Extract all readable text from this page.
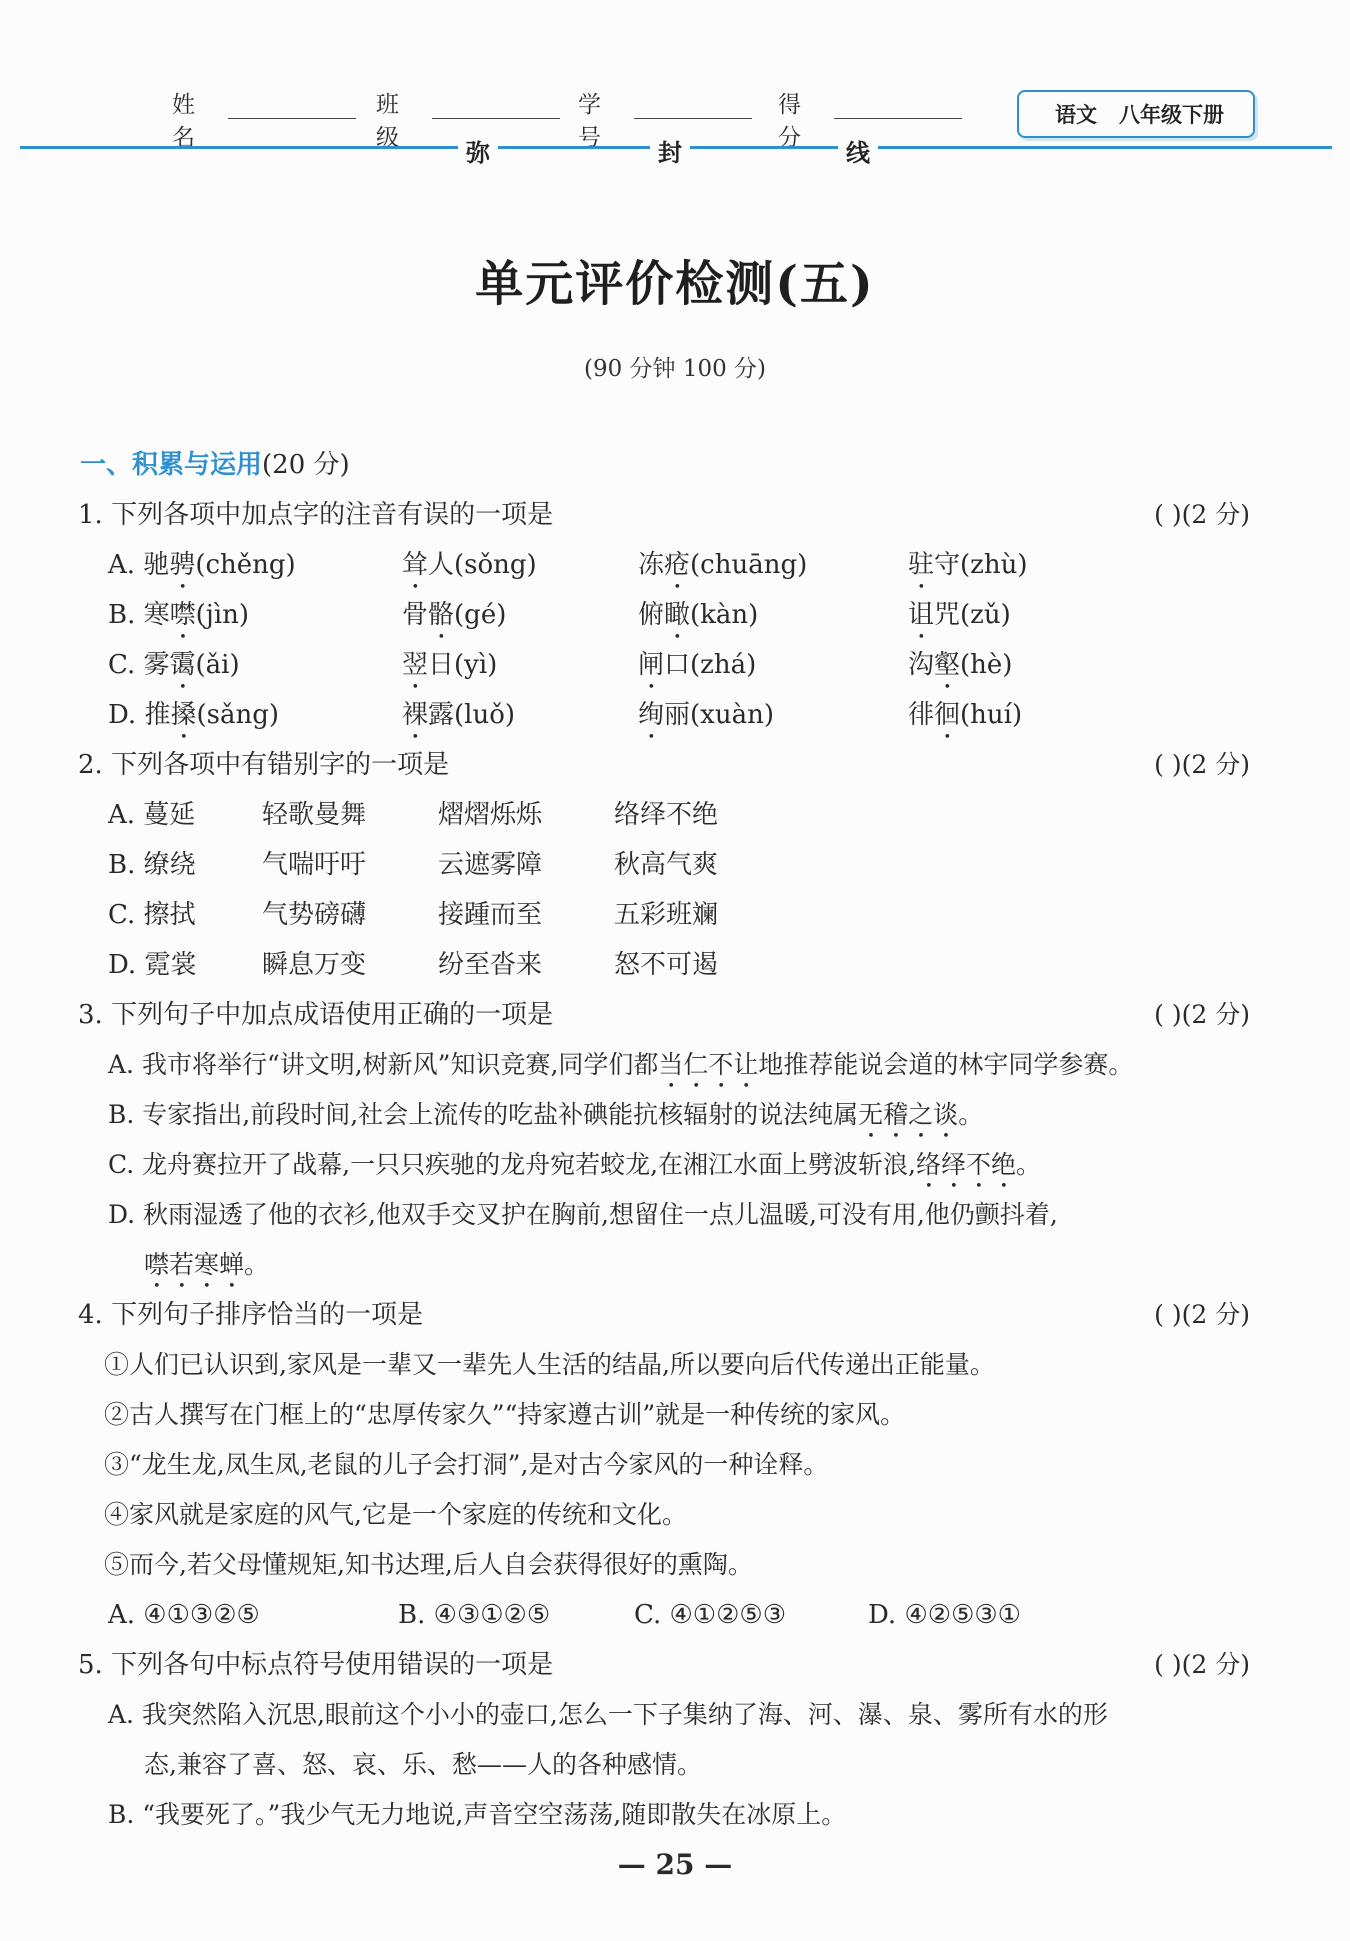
姓名
班级
学号
得分
语文 八年级下册
弥	封	线
单元评价检测(五)
(90 分钟 100 分)
一、积累与运用(20 分)
1. 下列各项中加点字的注音有误的一项是	( )(2 分)
A. 驰骋(chěng)	耸人(sǒng)	冻疮(chuāng)	驻守(zhù)
B. 寒噤(jìn)	骨骼(gé)	俯瞰(kàn)	诅咒(zǔ)
C. 雾霭(ǎi)	翌日(yì)	闸口(zhá)	沟壑(hè)
D. 推搡(sǎng)	裸露(luǒ)	绚丽(xuàn)	徘徊(huí)
2. 下列各项中有错别字的一项是	( )(2 分)
A. 蔓延	轻歌曼舞	熠熠烁烁	络绎不绝
B. 缭绕	气喘吁吁	云遮雾障	秋高气爽
C. 擦拭	气势磅礴	接踵而至	五彩班斓
D. 霓裳	瞬息万变	纷至沓来	怒不可遏
3. 下列句子中加点成语使用正确的一项是	( )(2 分)
A. 我市将举行“讲文明,树新风”知识竞赛,同学们都当仁不让地推荐能说会道的林宇同学参赛。
B. 专家指出,前段时间,社会上流传的吃盐补碘能抗核辐射的说法纯属无稽之谈。
C. 龙舟赛拉开了战幕,一只只疾驰的龙舟宛若蛟龙,在湘江水面上劈波斩浪,络绎不绝。
D. 秋雨湿透了他的衣衫,他双手交叉护在胸前,想留住一点儿温暖,可没有用,他仍颤抖着,
噤若寒蝉。
4. 下列句子排序恰当的一项是	( )(2 分)
①人们已认识到,家风是一辈又一辈先人生活的结晶,所以要向后代传递出正能量。
②古人撰写在门框上的“忠厚传家久”“持家遵古训”就是一种传统的家风。
③“龙生龙,凤生凤,老鼠的儿子会打洞”,是对古今家风的一种诠释。
④家风就是家庭的风气,它是一个家庭的传统和文化。
⑤而今,若父母懂规矩,知书达理,后人自会获得很好的熏陶。
A. ④①③②⑤	B. ④③①②⑤	C. ④①②⑤③	D. ④②⑤③①
5. 下列各句中标点符号使用错误的一项是	( )(2 分)
A. 我突然陷入沉思,眼前这个小小的壶口,怎么一下子集纳了海、河、瀑、泉、雾所有水的形
态,兼容了喜、怒、哀、乐、愁——人的各种感情。
B. “我要死了。”我少气无力地说,声音空空荡荡,随即散失在冰原上。
— 25 —
